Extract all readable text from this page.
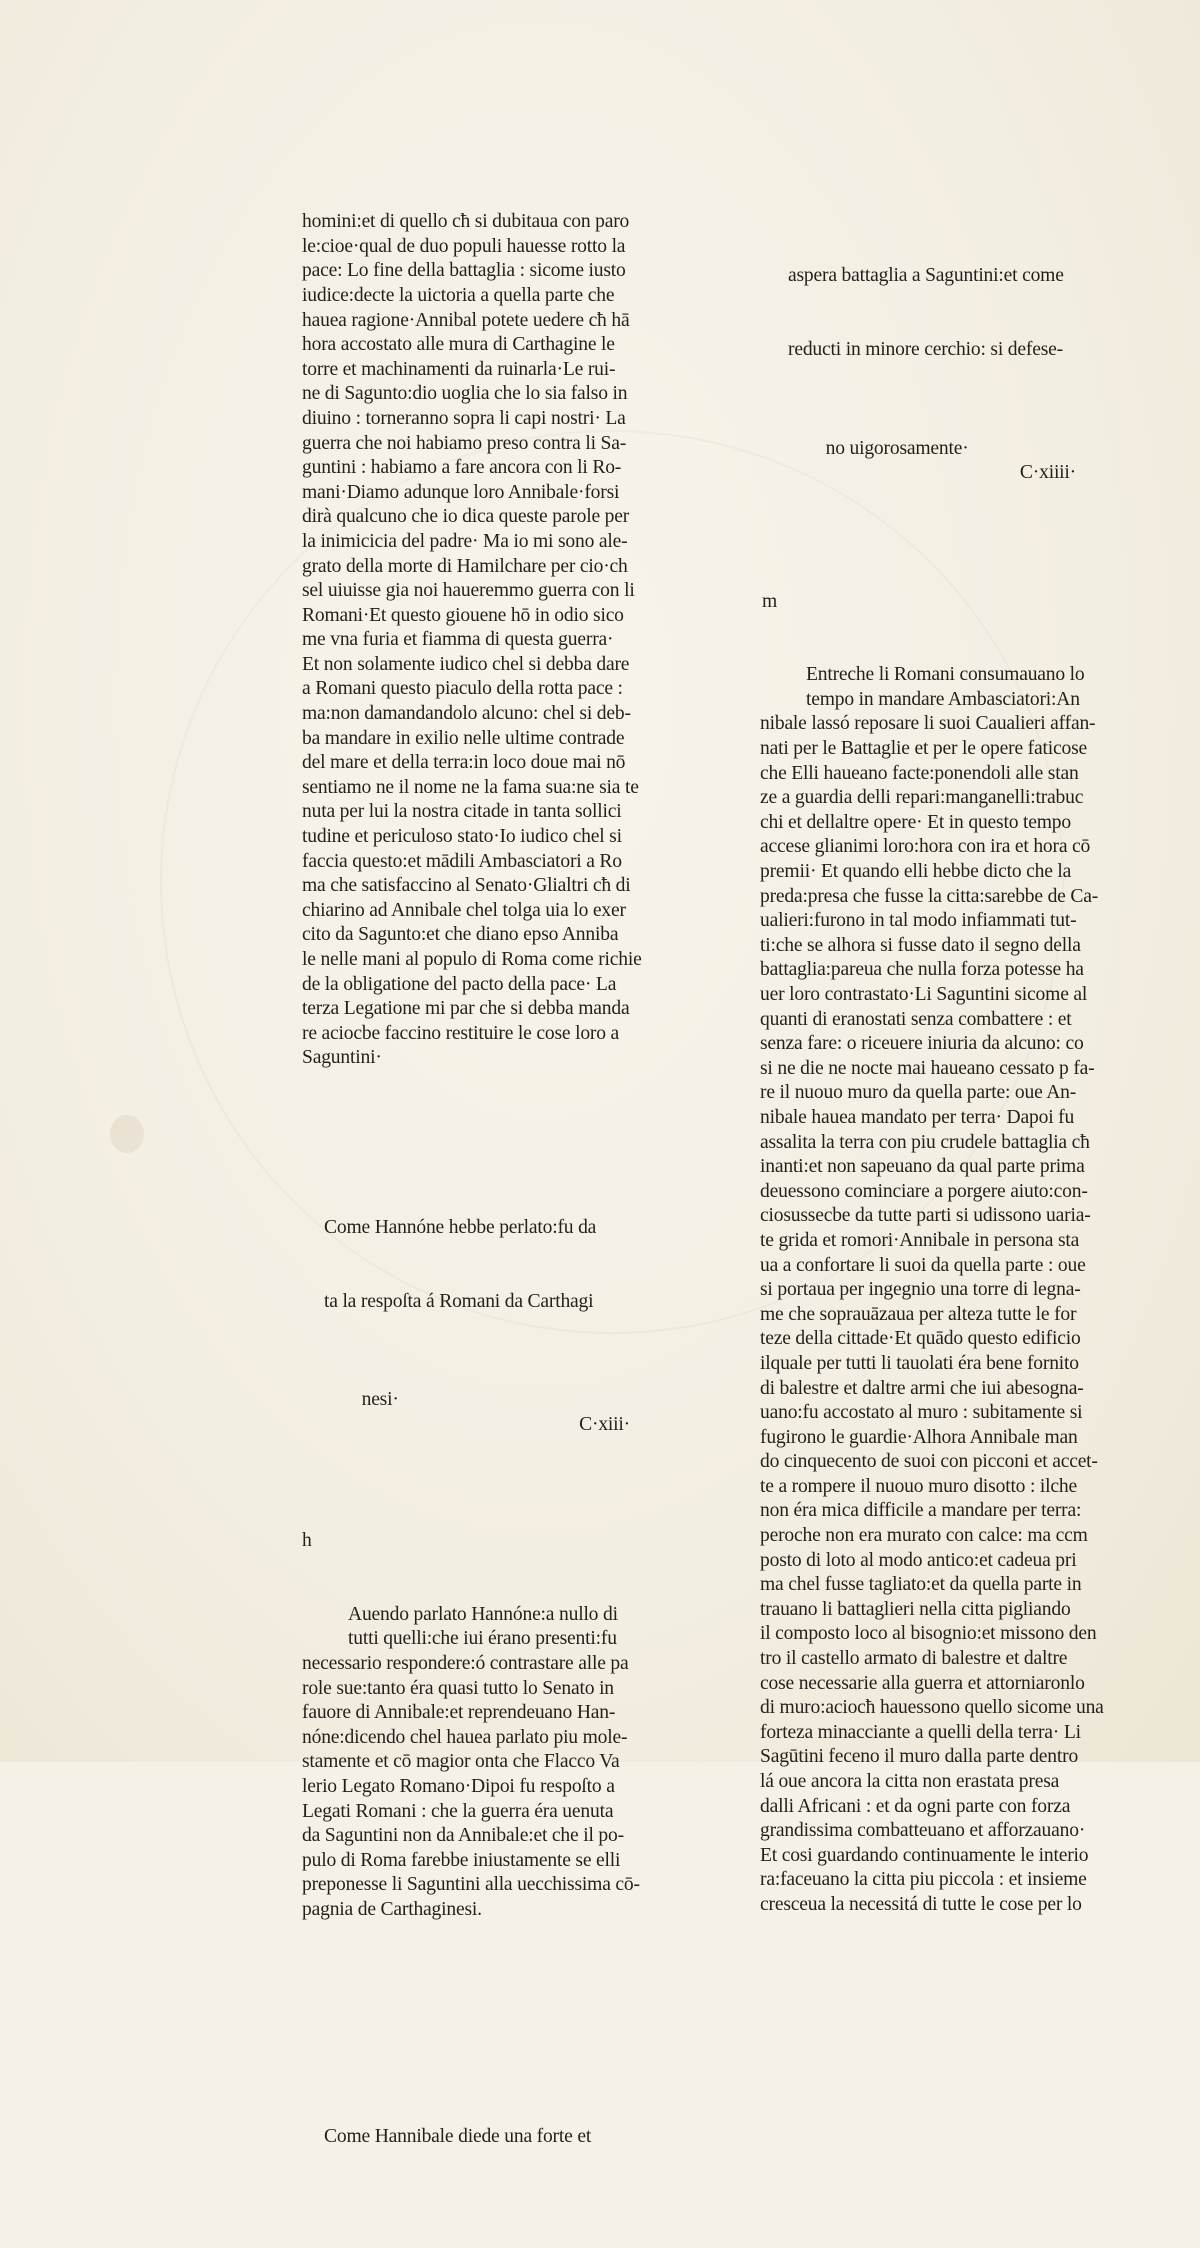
homini:et di quello cħ si dubitaua con paro
le:cioe·qual de duo populi hauesse rotto la
pace: Lo fine della battaglia : sicome iusto
iudice:decte la uictoria a quella parte che
hauea ragione·Annibal potete uedere cħ hā
hora accostato alle mura di Carthagine le
torre et machinamenti da ruinarla·Le rui-
ne di Sagunto:dio uoglia che lo sia falso in
diuino : torneranno sopra li capi nostri· La
guerra che noi habiamo preso contra li Sa-
guntini : habiamo a fare ancora con li Ro-
mani·Diamo adunque loro Annibale·forsi
dirà qualcuno che io dica queste parole per
la inimicicia del padre· Ma io mi sono ale-
grato della morte di Hamilchare per cio·ch
sel uiuisse gia noi haueremmo guerra con li
Romani·Et questo giouene hō in odio sico
me vna furia et fiamma di questa guerra·
Et non solamente iudico chel si debba dare
a Romani questo piaculo della rotta pace :
ma:non damandandolo alcuno: chel si deb-
ba mandare in exilio nelle ultime contrade
del mare et della terra:in loco doue mai nō
sentiamo ne il nome ne la fama sua:ne sia te
nuta per lui la nostra citade in tanta sollici
tudine et periculoso stato·Io iudico chel si
faccia questo:et mādili Ambasciatori a Ro
ma che satisfaccino al Senato·Glialtri cħ di
chiarino ad Annibale chel tolga uia lo exer
cito da Sagunto:et che diano epso Anniba
le nelle mani al populo di Roma come richie
de la obligatione del pacto della pace· La
terza Legatione mi par che si debba manda
re aciocbe faccino restituire le cose loro a
Saguntini·

Come Hannóne hebbe perlato:fu da

ta la respoſta á Romani da Carthagi

nesi·

C·xiii·

h

Auendo parlato Hannóne:a nullo di
tutti quelli:che iui érano presenti:fu
necessario respondere:ó contrastare alle pa
role sue:tanto éra quasi tutto lo Senato in
fauore di Annibale:et reprendeuano Han-
nóne:dicendo chel hauea parlato piu mole-
stamente et cō magior onta che Flacco Va
lerio Legato Romano·Dipoi fu respoſto a
Legati Romani : che la guerra éra uenuta
da Saguntini non da Annibale:et che il po-
pulo di Roma farebbe iniustamente se elli
preponesse li Saguntini alla uecchissima cō-
pagnia de Carthaginesi.

Come Hannibale diede una forte et

aspera battaglia a Saguntini:et come

reducti in minore cerchio: si defese-

no uigorosamente·

C·xiiii·

m

Entreche li Romani consumauano lo
tempo in mandare Ambasciatori:An
nibale lassó reposare li suoi Caualieri affan-
nati per le Battaglie et per le opere faticose
che Elli haueano facte:ponendoli alle stan
ze a guardia delli repari:manganelli:trabuc
chi et dellaltre opere· Et in questo tempo
accese glianimi loro:hora con ira et hora cō
premii· Et quando elli hebbe dicto che la
preda:presa che fusse la citta:sarebbe de Ca-
ualieri:furono in tal modo infiammati tut-
ti:che se alhora si fusse dato il segno della
battaglia:pareua che nulla forza potesse ha
uer loro contrastato·Li Saguntini sicome al
quanti di eranostati senza combattere : et
senza fare: o riceuere iniuria da alcuno: co
si ne die ne nocte mai haueano cessato p fa-
re il nuouo muro da quella parte: oue An-
nibale hauea mandato per terra· Dapoi fu
assalita la terra con piu crudele battaglia cħ
inanti:et non sapeuano da qual parte prima
deuessono cominciare a porgere aiuto:con-
ciosussecbe da tutte parti si udissono uaria-
te grida et romori·Annibale in persona sta
ua a confortare li suoi da quella parte : oue
si portaua per ingegnio una torre di legna-
me che soprauāzaua per alteza tutte le for
teze della cittade·Et quādo questo edificio
ilquale per tutti li tauolati éra bene fornito
di balestre et daltre armi che iui abesogna-
uano:fu accostato al muro : subitamente si
fugirono le guardie·Alhora Annibale man
do cinquecento de suoi con picconi et accet-
te a rompere il nuouo muro disotto : ilche
non éra mica difficile a mandare per terra:
peroche non era murato con calce: ma ccm
posto di loto al modo antico:et cadeua pri
ma chel fusse tagliato:et da quella parte in
trauano li battaglieri nella citta pigliando
il composto loco al bisognio:et missono den
tro il castello armato di balestre et daltre
cose necessarie alla guerra et attorniaronlo
di muro:aciocħ hauessono quello sicome una
forteza minacciante a quelli della terra· Li
Sagūtini feceno il muro dalla parte dentro
lá oue ancora la citta non erastata presa
dalli Africani : et da ogni parte con forza
grandissima combatteuano et afforzauano·
Et cosi guardando continuamente le interio
ra:faceuano la citta piu piccola : et insieme
cresceua la necessitá di tutte le cose per lo
